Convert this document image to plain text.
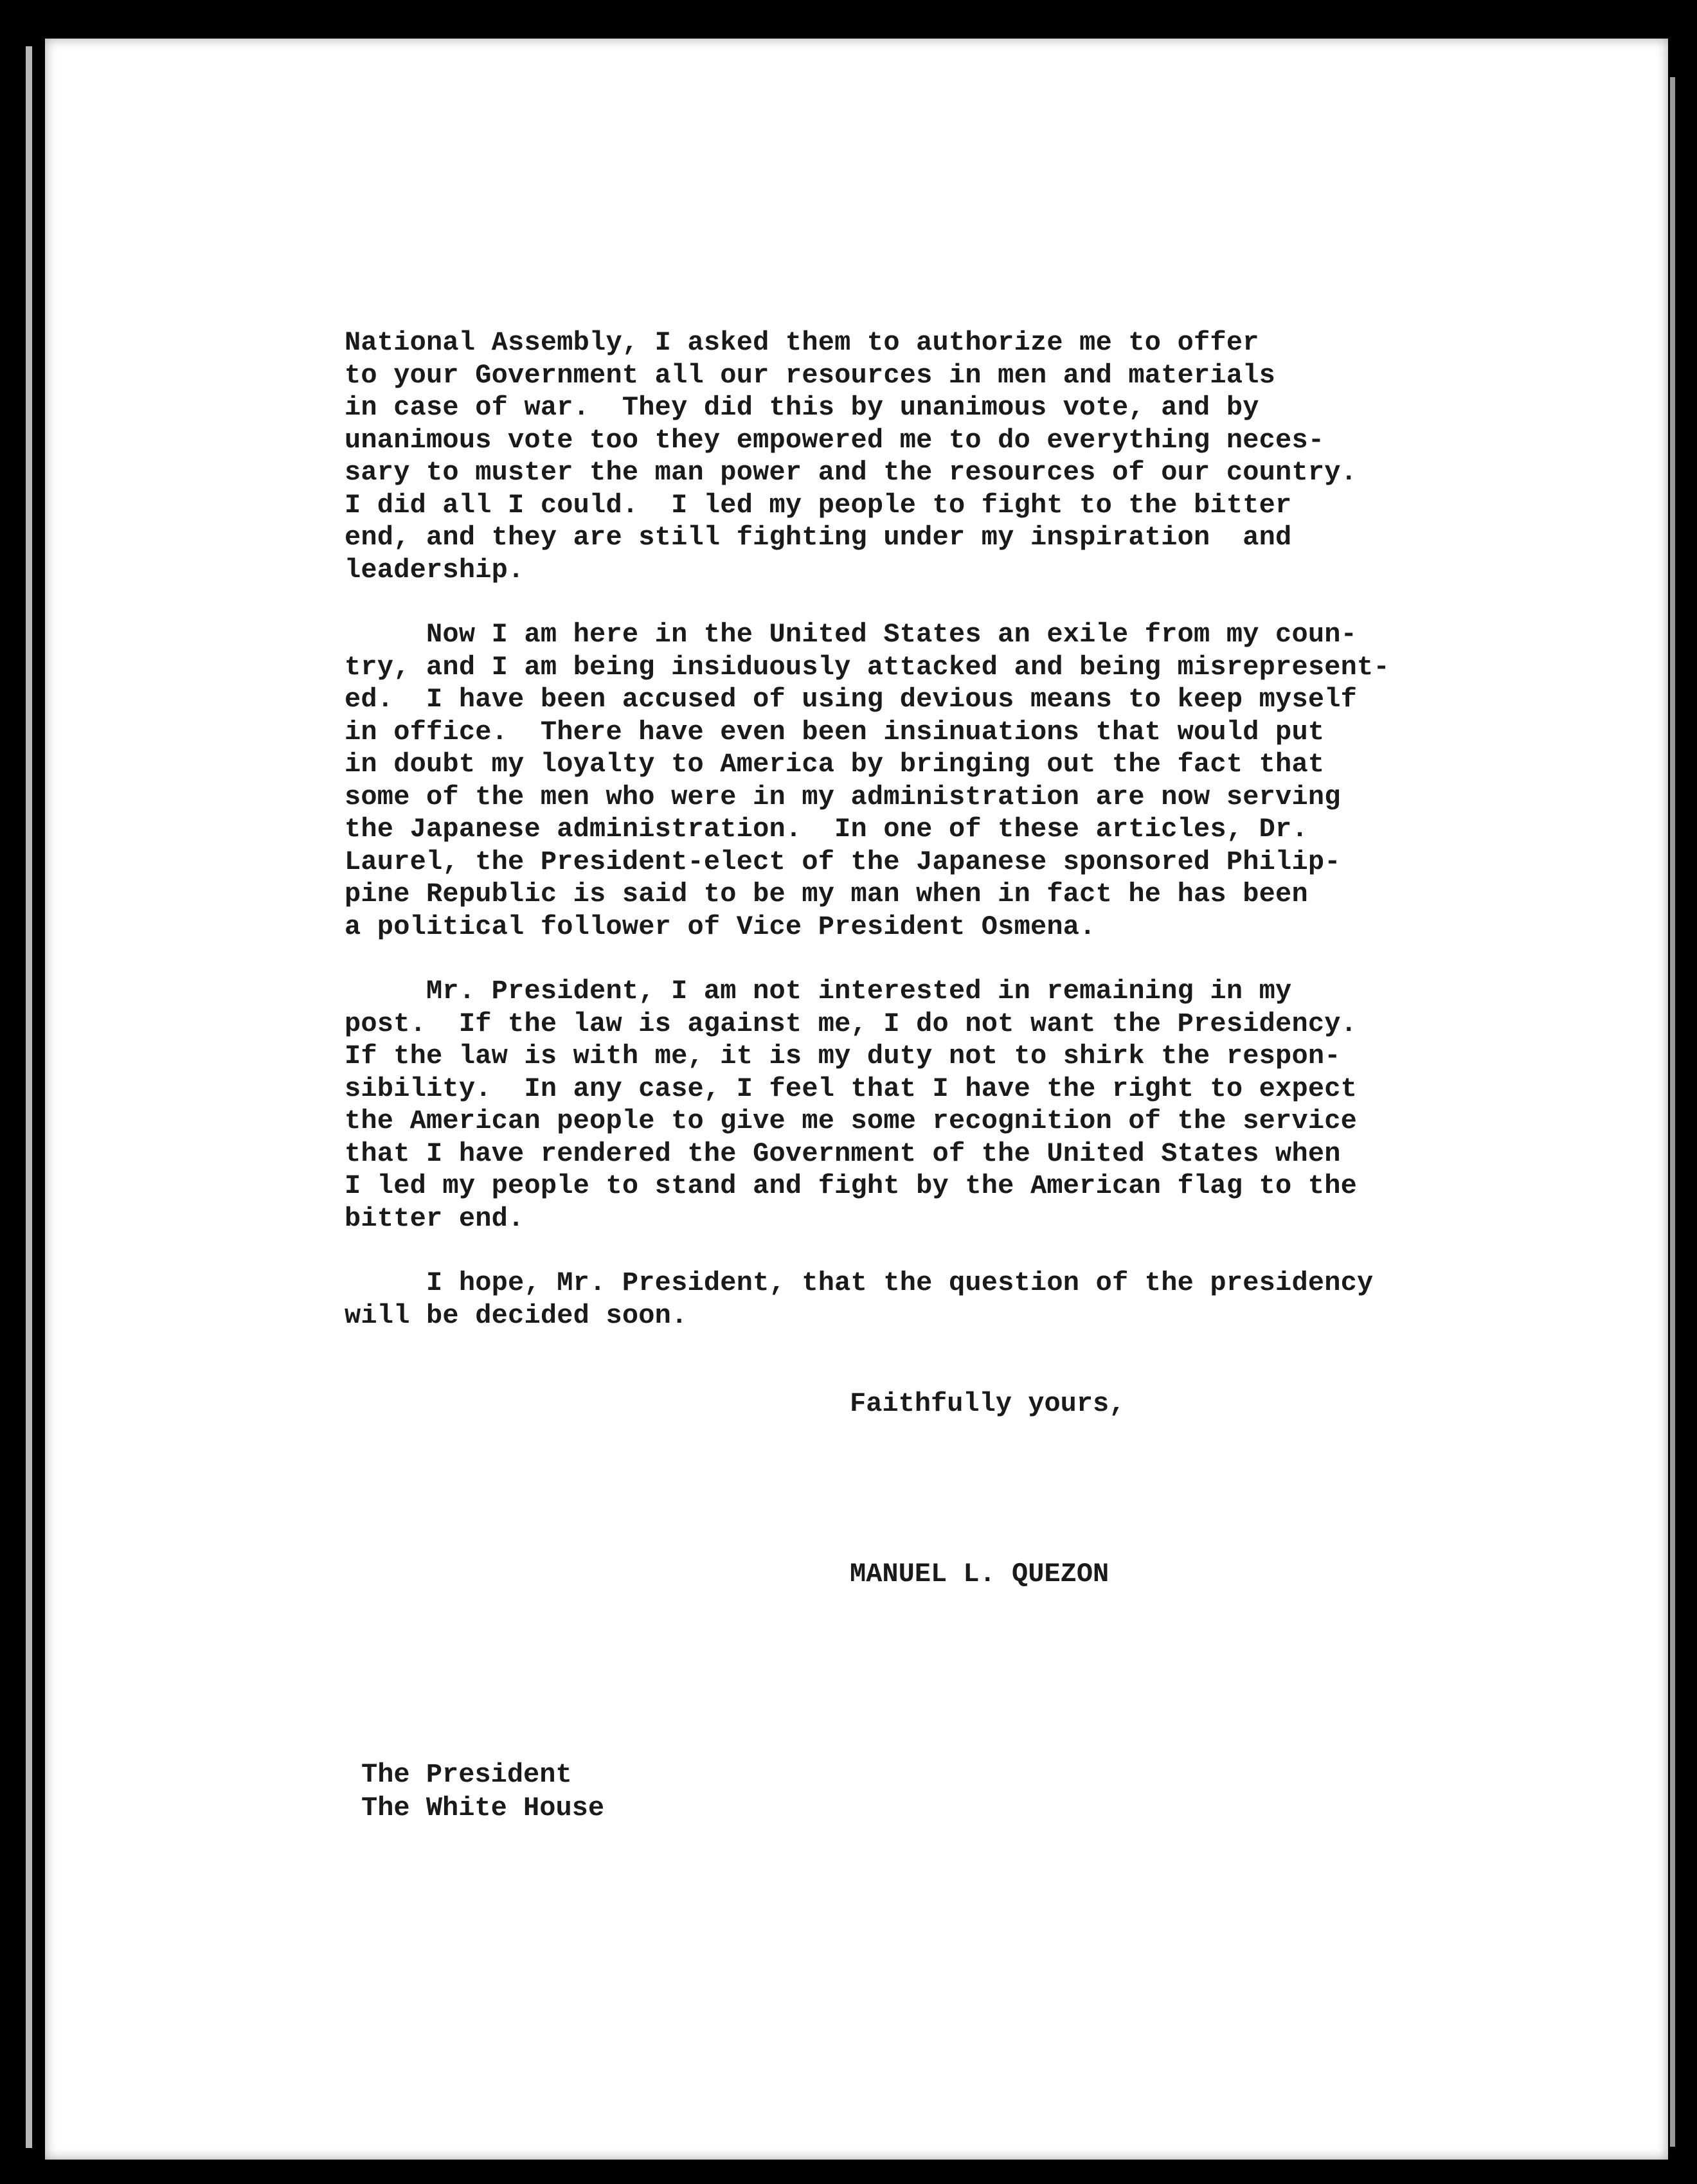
National Assembly, I asked them to authorize me to offer
to your Government all our resources in men and materials
in case of war.  They did this by unanimous vote, and by
unanimous vote too they empowered me to do everything neces-
sary to muster the man power and the resources of our country.
I did all I could.  I led my people to fight to the bitter
end, and they are still fighting under my inspiration  and
leadership.
Now I am here in the United States an exile from my coun-
try, and I am being insiduously attacked and being misrepresent-
ed.  I have been accused of using devious means to keep myself
in office.  There have even been insinuations that would put
in doubt my loyalty to America by bringing out the fact that
some of the men who were in my administration are now serving
the Japanese administration.  In one of these articles, Dr.
Laurel, the President-elect of the Japanese sponsored Philip-
pine Republic is said to be my man when in fact he has been
a political follower of Vice President Osmena.
Mr. President, I am not interested in remaining in my
post.  If the law is against me, I do not want the Presidency.
If the law is with me, it is my duty not to shirk the respon-
sibility.  In any case, I feel that I have the right to expect
the American people to give me some recognition of the service
that I have rendered the Government of the United States when
I led my people to stand and fight by the American flag to the
bitter end.
I hope, Mr. President, that the question of the presidency
will be decided soon.
Faithfully yours,
MANUEL L. QUEZON
The President
The White House
